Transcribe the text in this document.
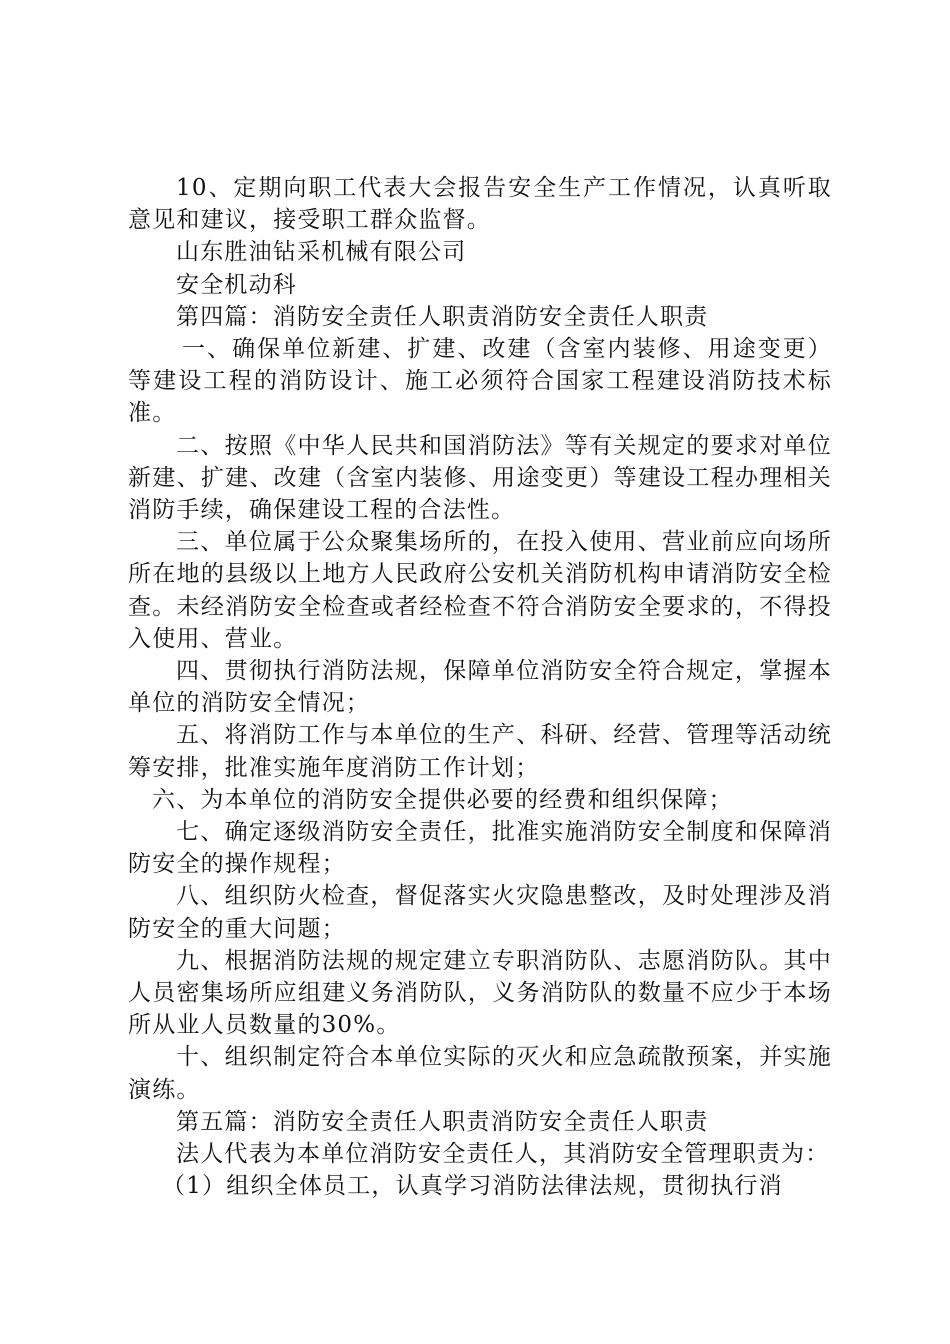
10、定期向职工代表大会报告安全生产工作情况，认真听取意见和建议，接受职工群众监督。

山东胜油钻采机械有限公司

安全机动科

第四篇：消防安全责任人职责消防安全责任人职责

一、确保单位新建、扩建、改建（含室内装修、用途变更）等建设工程的消防设计、施工必须符合国家工程建设消防技术标准。

二、按照《中华人民共和国消防法》等有关规定的要求对单位新建、扩建、改建（含室内装修、用途变更）等建设工程办理相关消防手续，确保建设工程的合法性。

三、单位属于公众聚集场所的，在投入使用、营业前应向场所所在地的县级以上地方人民政府公安机关消防机构申请消防安全检查。未经消防安全检查或者经检查不符合消防安全要求的，不得投入使用、营业。

四、贯彻执行消防法规，保障单位消防安全符合规定，掌握本单位的消防安全情况；

五、将消防工作与本单位的生产、科研、经营、管理等活动统筹安排，批准实施年度消防工作计划；

六、为本单位的消防安全提供必要的经费和组织保障；

七、确定逐级消防安全责任，批准实施消防安全制度和保障消防安全的操作规程；

八、组织防火检查，督促落实火灾隐患整改，及时处理涉及消防安全的重大问题；

九、根据消防法规的规定建立专职消防队、志愿消防队。其中人员密集场所应组建义务消防队，义务消防队的数量不应少于本场所从业人员数量的30%。

十、组织制定符合本单位实际的灭火和应急疏散预案，并实施演练。

第五篇：消防安全责任人职责消防安全责任人职责

法人代表为本单位消防安全责任人，其消防安全管理职责为：

（1）组织全体员工，认真学习消防法律法规，贯彻执行消
